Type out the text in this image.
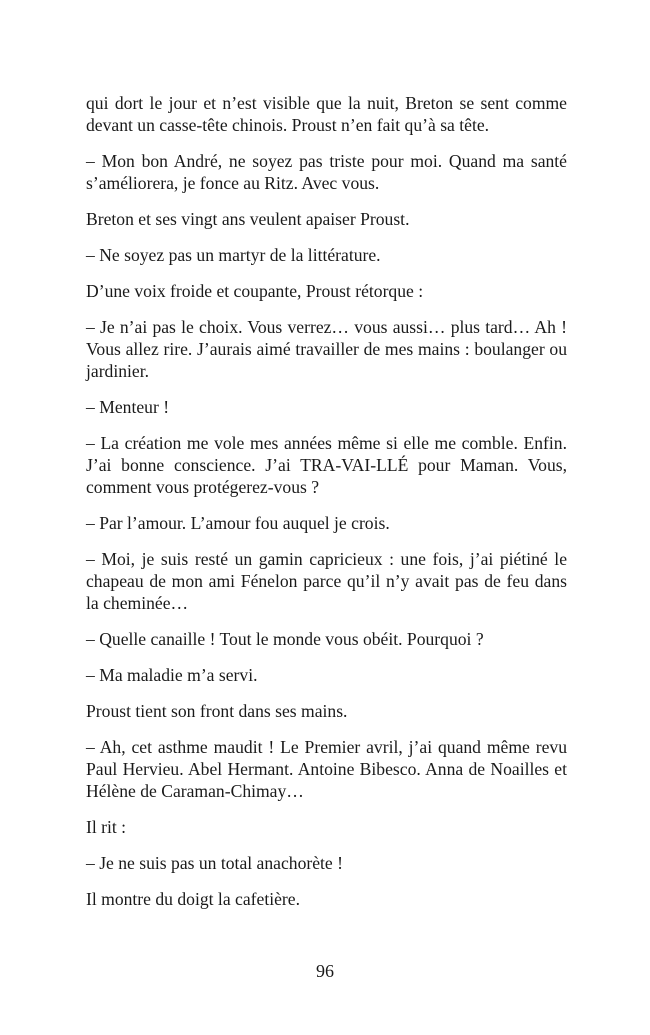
qui dort le jour et n’est visible que la nuit, Breton se sent comme devant un casse-tête chinois. Proust n’en fait qu’à sa tête.

– Mon bon André, ne soyez pas triste pour moi. Quand ma santé s’améliorera, je fonce au Ritz. Avec vous.

Breton et ses vingt ans veulent apaiser Proust.

– Ne soyez pas un martyr de la littérature.

D’une voix froide et coupante, Proust rétorque :

– Je n’ai pas le choix. Vous verrez… vous aussi… plus tard… Ah ! Vous allez rire. J’aurais aimé travailler de mes mains : boulanger ou jardinier.

– Menteur !

– La création me vole mes années même si elle me comble. Enfin. J’ai bonne conscience. J’ai TRA-VAI-LLÉ pour Maman. Vous, comment vous protégerez-vous ?

– Par l’amour. L’amour fou auquel je crois.

– Moi, je suis resté un gamin capricieux : une fois, j’ai piétiné le chapeau de mon ami Fénelon parce qu’il n’y avait pas de feu dans la cheminée…

– Quelle canaille ! Tout le monde vous obéit. Pourquoi ?

– Ma maladie m’a servi.

Proust tient son front dans ses mains.

– Ah, cet asthme maudit ! Le Premier avril, j’ai quand même revu Paul Hervieu. Abel Hermant. Antoine Bibesco. Anna de Noailles et Hélène de Caraman-Chimay…

Il rit :

– Je ne suis pas un total anachorète !

Il montre du doigt la cafetière.

96
